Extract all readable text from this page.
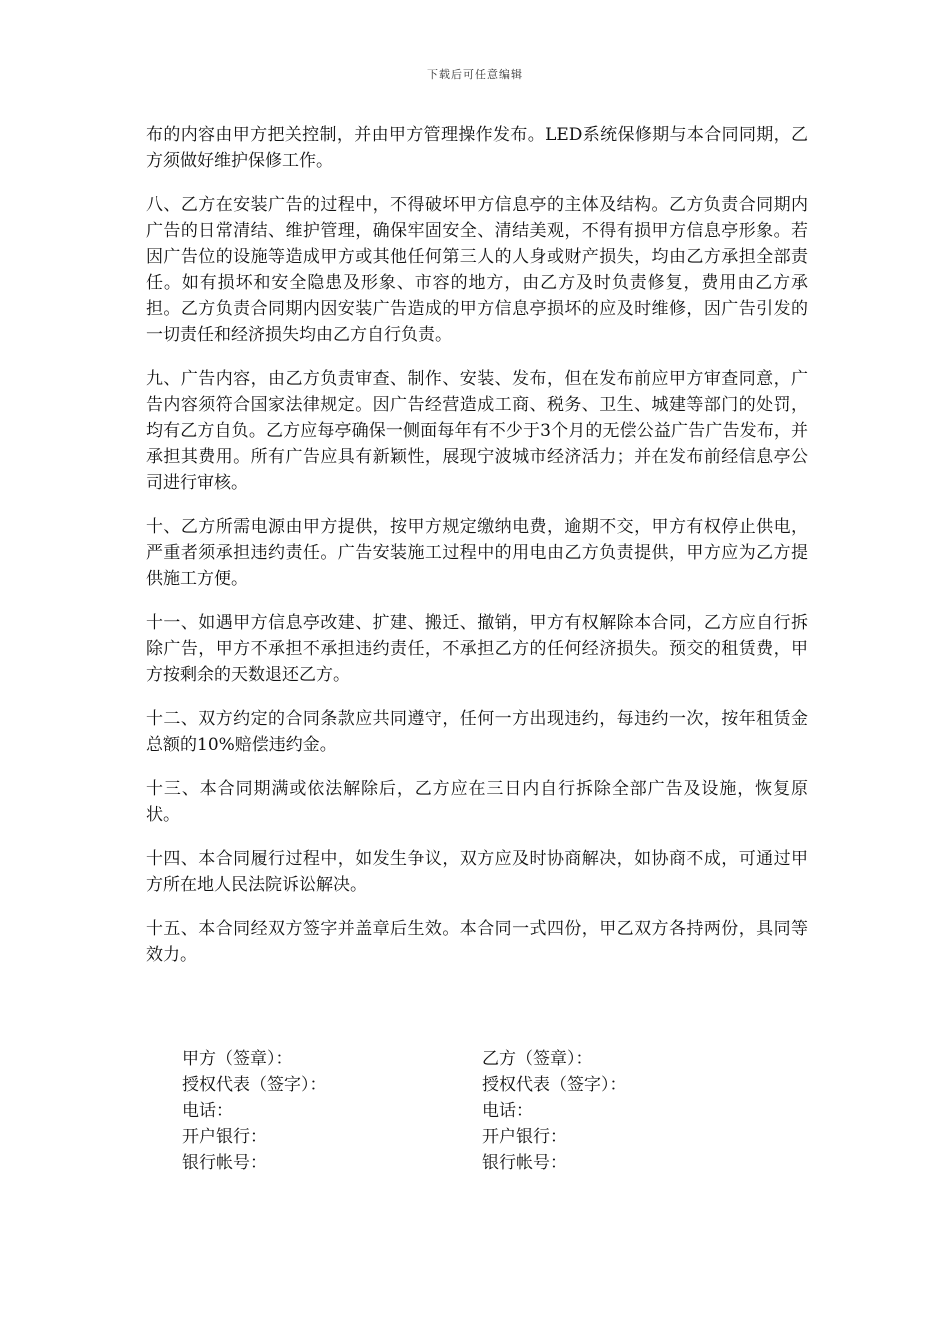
下载后可任意编辑

布的内容由甲方把关控制，并由甲方管理操作发布。LED系统保修期与本合同同期，乙方须做好维护保修工作。

八、乙方在安装广告的过程中，不得破坏甲方信息亭的主体及结构。乙方负责合同期内广告的日常清结、维护管理，确保牢固安全、清结美观，不得有损甲方信息亭形象。若因广告位的设施等造成甲方或其他任何第三人的人身或财产损失，均由乙方承担全部责任。如有损坏和安全隐患及形象、市容的地方，由乙方及时负责修复，费用由乙方承担。乙方负责合同期内因安装广告造成的甲方信息亭损坏的应及时维修，因广告引发的一切责任和经济损失均由乙方自行负责。

九、广告内容，由乙方负责审查、制作、安装、发布，但在发布前应甲方审查同意，广告内容须符合国家法律规定。因广告经营造成工商、税务、卫生、城建等部门的处罚，均有乙方自负。乙方应每亭确保一侧面每年有不少于3个月的无偿公益广告广告发布，并承担其费用。所有广告应具有新颖性，展现宁波城市经济活力；并在发布前经信息亭公司进行审核。

十、乙方所需电源由甲方提供，按甲方规定缴纳电费，逾期不交，甲方有权停止供电，严重者须承担违约责任。广告安装施工过程中的用电由乙方负责提供，甲方应为乙方提供施工方便。

十一、如遇甲方信息亭改建、扩建、搬迁、撤销，甲方有权解除本合同，乙方应自行拆除广告，甲方不承担不承担违约责任，不承担乙方的任何经济损失。预交的租赁费，甲方按剩余的天数退还乙方。

十二、双方约定的合同条款应共同遵守，任何一方出现违约，每违约一次，按年租赁金总额的10%赔偿违约金。

十三、本合同期满或依法解除后，乙方应在三日内自行拆除全部广告及设施，恢复原状。

十四、本合同履行过程中，如发生争议，双方应及时协商解决，如协商不成，可通过甲方所在地人民法院诉讼解决。

十五、本合同经双方签字并盖章后生效。本合同一式四份，甲乙双方各持两份，具同等效力。

甲方（签章）：
授权代表（签字）：
电话：
开户银行：
银行帐号：
乙方（签章）：
授权代表（签字）：
电话：
开户银行：
银行帐号：
